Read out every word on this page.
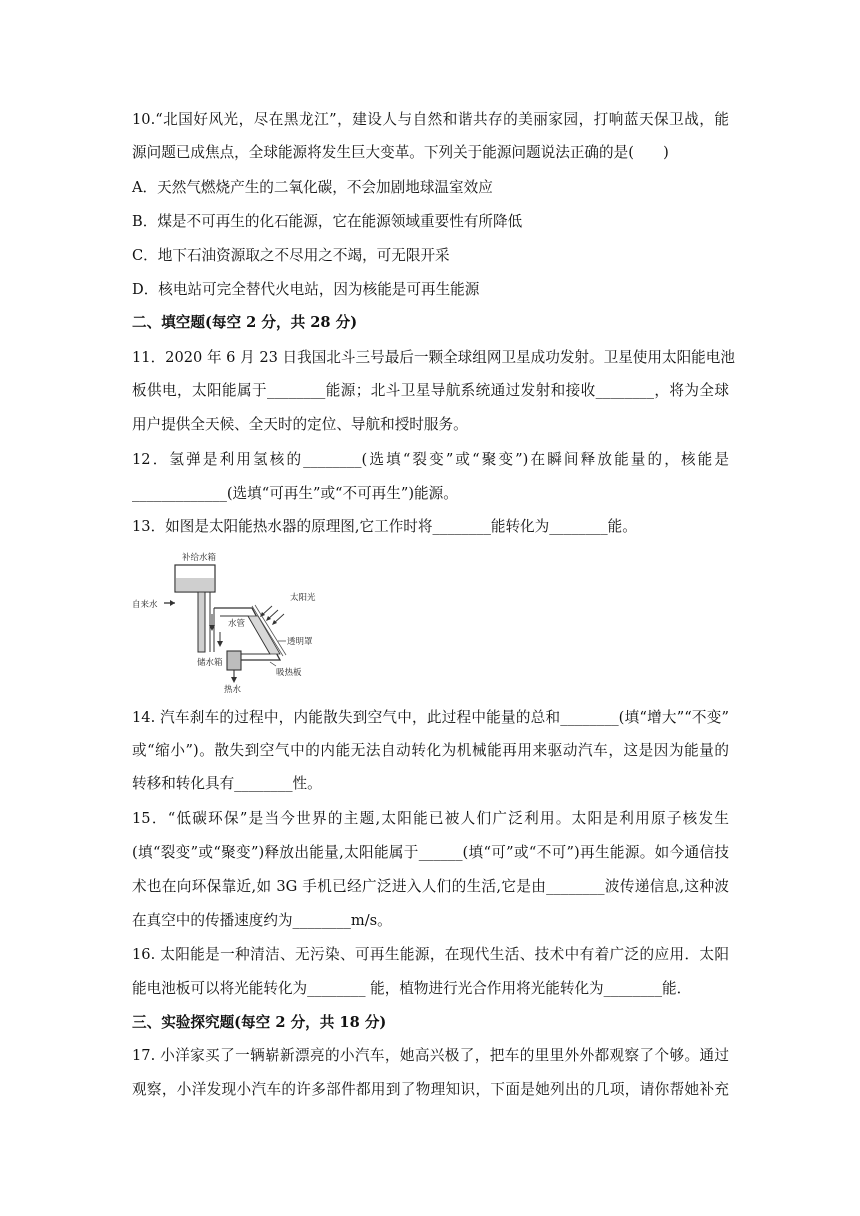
10.“北国好风光，尽在黑龙江”，建设人与自然和谐共存的美丽家园，打响蓝天保卫战，能
源问题已成焦点，全球能源将发生巨大变革。下列关于能源问题说法正确的是(　　)
A．天然气燃烧产生的二氧化碳，不会加剧地球温室效应
B．煤是不可再生的化石能源，它在能源领域重要性有所降低
C．地下石油资源取之不尽用之不竭，可无限开采
D．核电站可完全替代火电站，因为核能是可再生能源
二、填空题(每空 2 分，共 28 分)
11．2020 年 6 月 23 日我国北斗三号最后一颗全球组网卫星成功发射。卫星使用太阳能电池
板供电，太阳能属于________能源；北斗卫星导航系统通过发射和接收________，将为全球
用户提供全天候、全天时的定位、导航和授时服务。
12．氢弹是利用氢核的________(选填“裂变”或“聚变”)在瞬间释放能量的，核能是
_____________(选填“可再生”或“不可再生”)能源。
13．如图是太阳能热水器的原理图,它工作时将________能转化为________能。
补给水箱
自来水
水管
太阳光
透明罩
吸热板
储水箱
热水
14. 汽车刹车的过程中，内能散失到空气中，此过程中能量的总和________(填“增大”“不变”
或“缩小”)。散失到空气中的内能无法自动转化为机械能再用来驱动汽车，这是因为能量的
转移和转化具有________性。
15．“低碳环保”是当今世界的主题,太阳能已被人们广泛利用。太阳是利用原子核发生
(填“裂变”或“聚变”)释放出能量,太阳能属于______(填“可”或“不可”)再生能源。如今通信技
术也在向环保靠近,如 3G 手机已经广泛进入人们的生活,它是由________波传递信息,这种波
在真空中的传播速度约为________m/s。
16. 太阳能是一种清洁、无污染、可再生能源，在现代生活、技术中有着广泛的应用．太阳
能电池板可以将光能转化为________ 能，植物进行光合作用将光能转化为________能．
三、实验探究题(每空 2 分，共 18 分)
17. 小洋家买了一辆崭新漂亮的小汽车，她高兴极了，把车的里里外外都观察了个够。通过
观察，小洋发现小汽车的许多部件都用到了物理知识，下面是她列出的几项，请你帮她补充
